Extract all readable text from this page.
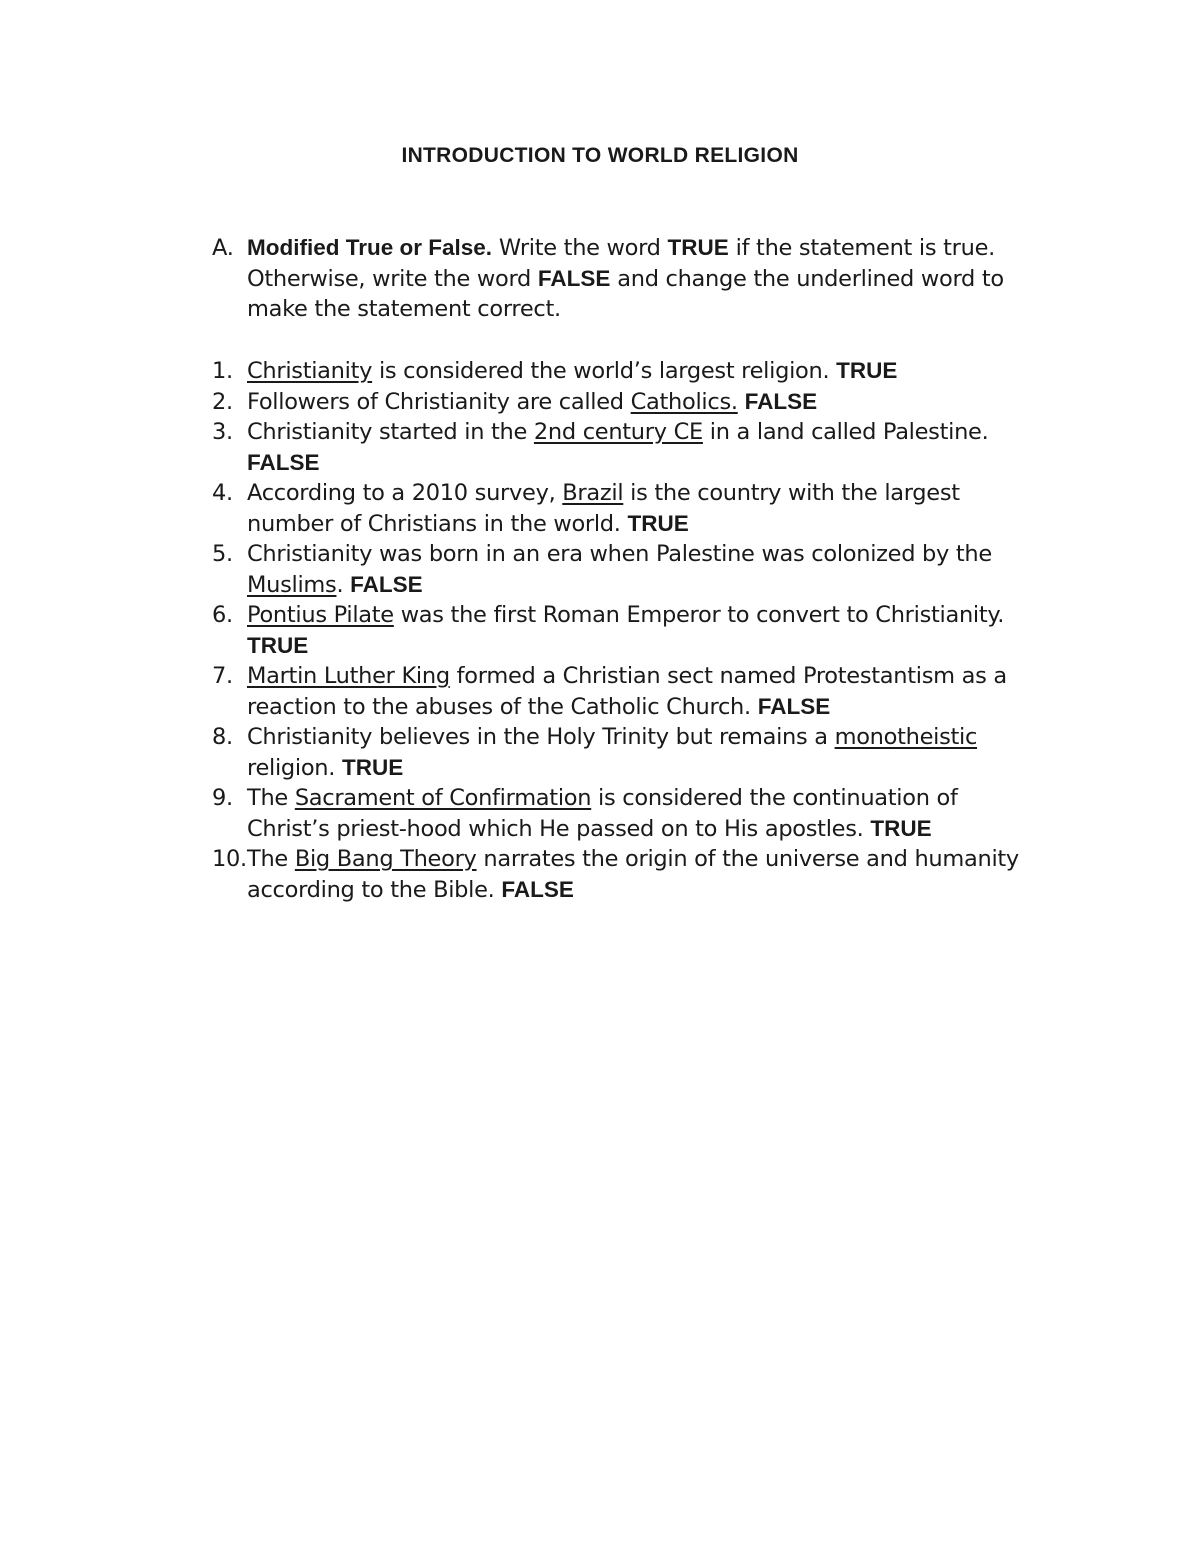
INTRODUCTION TO WORLD RELIGION
A. Modified True or False. Write the word TRUE if the statement is true. Otherwise, write the word FALSE and change the underlined word to make the statement correct.
1. Christianity is considered the world’s largest religion. TRUE
2. Followers of Christianity are called Catholics. FALSE
3. Christianity started in the 2nd century CE in a land called Palestine. FALSE
4. According to a 2010 survey, Brazil is the country with the largest number of Christians in the world. TRUE
5. Christianity was born in an era when Palestine was colonized by the Muslims. FALSE
6. Pontius Pilate was the first Roman Emperor to convert to Christianity. TRUE
7. Martin Luther King formed a Christian sect named Protestantism as a reaction to the abuses of the Catholic Church. FALSE
8. Christianity believes in the Holy Trinity but remains a monotheistic religion. TRUE
9. The Sacrament of Confirmation is considered the continuation of Christ’s priest-hood which He passed on to His apostles. TRUE
10. The Big Bang Theory narrates the origin of the universe and humanity according to the Bible. FALSE
